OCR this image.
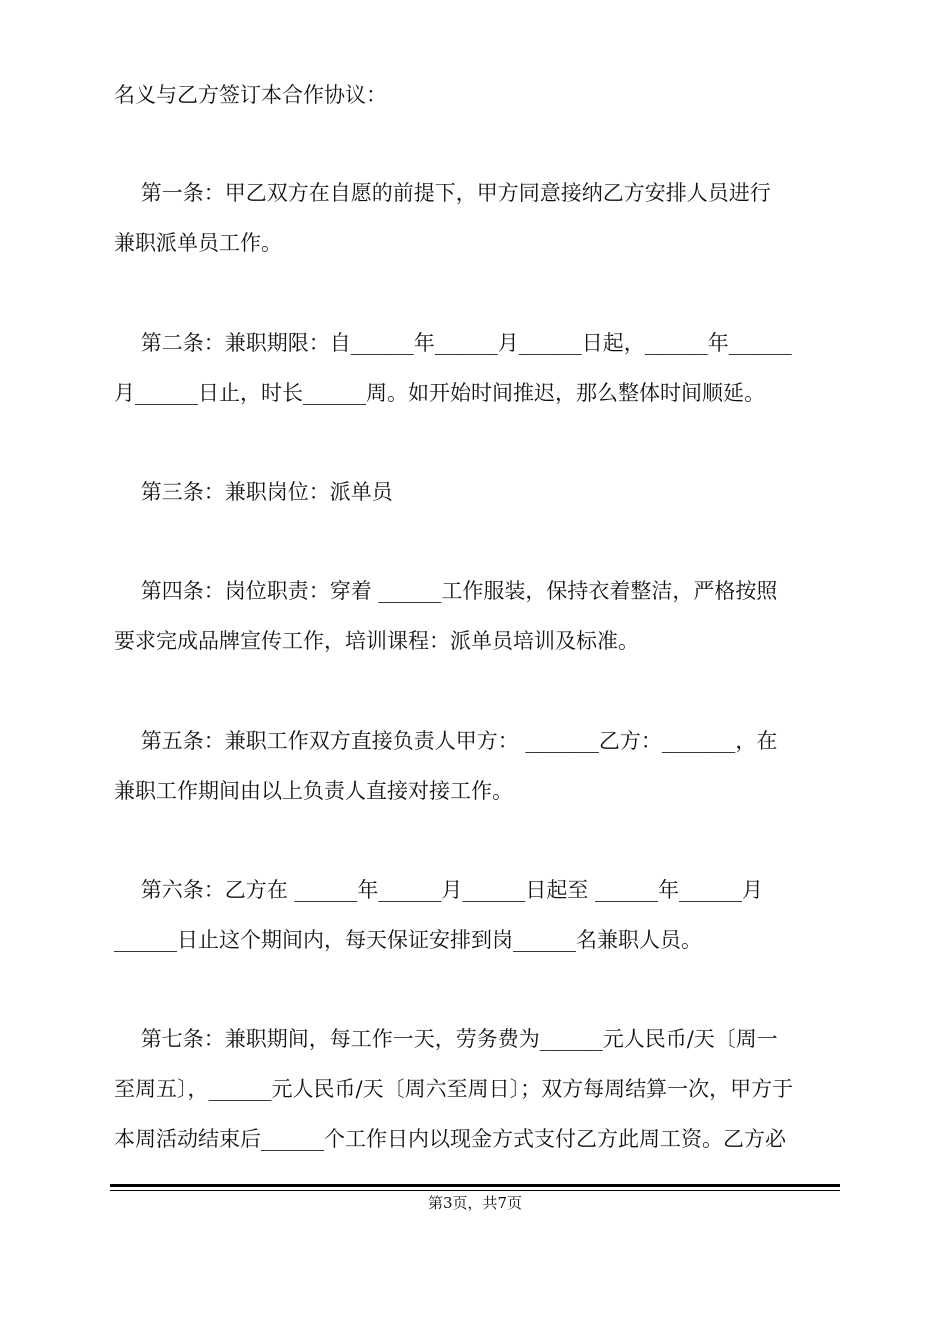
名义与乙方签订本合作协议：

第一条：甲乙双方在自愿的前提下，甲方同意接纳乙方安排人员进行

兼职派单员工作。

第二条：兼职期限：自______年______月______日起，______年______

月______日止，时长______周。如开始时间推迟，那么整体时间顺延。

第三条：兼职岗位：派单员

第四条：岗位职责：穿着 ______工作服装，保持衣着整洁，严格按照

要求完成品牌宣传工作，培训课程：派单员培训及标准。

第五条：兼职工作双方直接负责人甲方： _______乙方：_______，在

兼职工作期间由以上负责人直接对接工作。

第六条：乙方在 ______年______月______日起至 ______年______月

______日止这个期间内，每天保证安排到岗______名兼职人员。

第七条：兼职期间，每工作一天，劳务费为______元人民币/天〔周一

至周五〕，______元人民币/天〔周六至周日〕；双方每周结算一次，甲方于

本周活动结束后______个工作日内以现金方式支付乙方此周工资。乙方必

第3页，共7页
